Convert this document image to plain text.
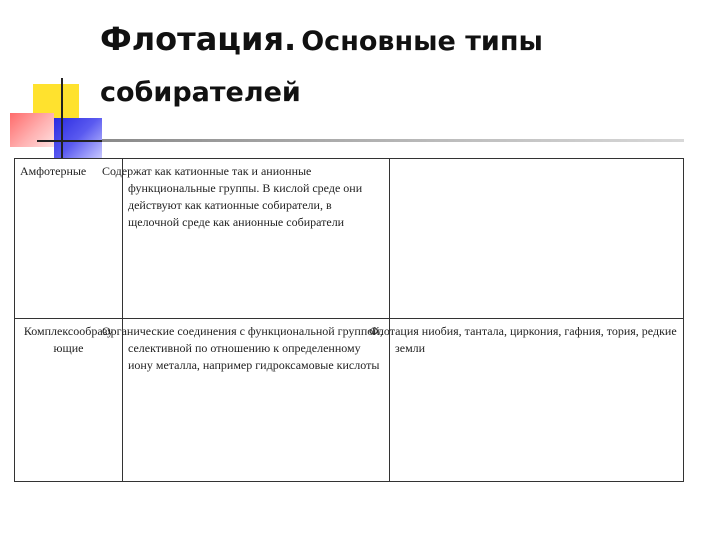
Флотация. Основные типы
собирателей
Амфотерные	Содержат как катионные так и анионные функциональные группы. В кислой среде они действуют как катионные собиратели, в щелочной среде как анионные собиратели	
Комплексообразующие	Органические соединения с функциональной группой, селективной по отношению к определенному иону металла, например гидроксамовые кислоты	Флотация ниобия, тантала, циркония, гафния, тория, редкие земли
